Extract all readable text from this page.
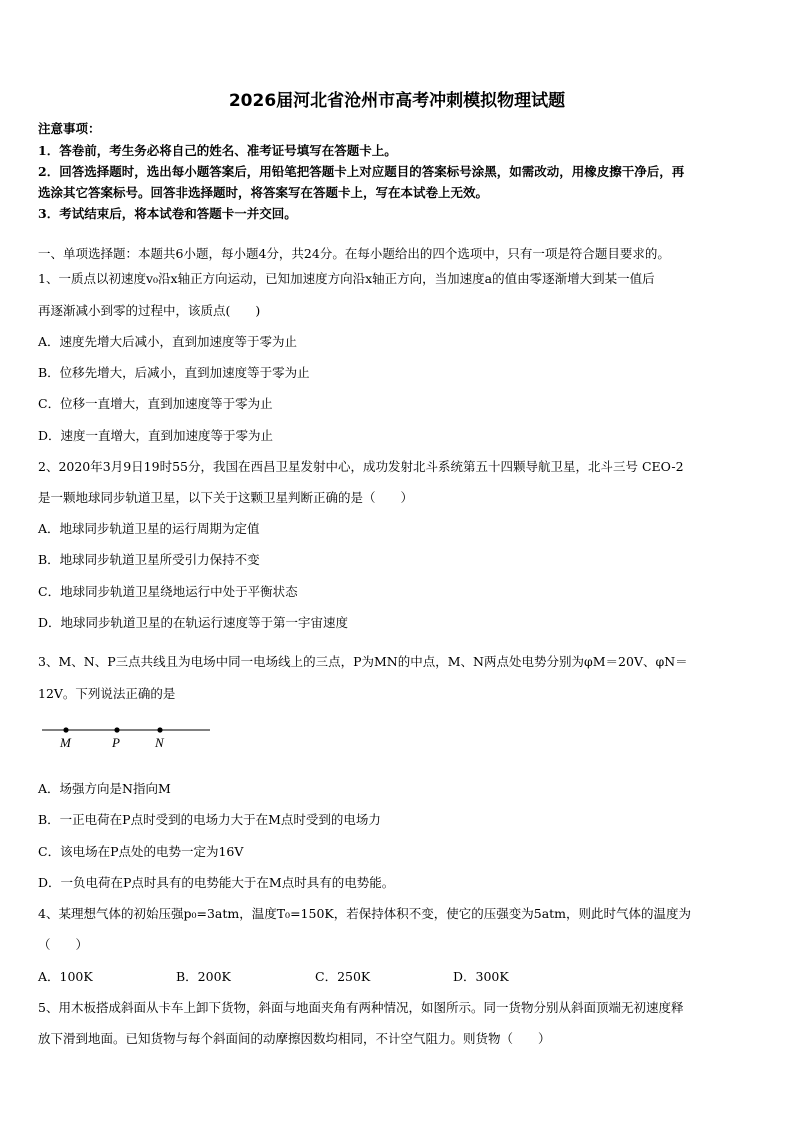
2026届河北省沧州市高考冲刺模拟物理试题
注意事项：
1．答卷前，考生务必将自己的姓名、准考证号填写在答题卡上。
2．回答选择题时，选出每小题答案后，用铅笔把答题卡上对应题目的答案标号涂黑，如需改动，用橡皮擦干净后，再
选涂其它答案标号。回答非选择题时，将答案写在答题卡上，写在本试卷上无效。
3．考试结束后，将本试卷和答题卡一并交回。
一、单项选择题：本题共6小题，每小题4分，共24分。在每小题给出的四个选项中，只有一项是符合题目要求的。
1、一质点以初速度v₀沿x轴正方向运动，已知加速度方向沿x轴正方向，当加速度a的值由零逐渐增大到某一值后
再逐渐减小到零的过程中，该质点(　　)
A．速度先增大后减小，直到加速度等于零为止
B．位移先增大，后减小，直到加速度等于零为止
C．位移一直增大，直到加速度等于零为止
D．速度一直增大，直到加速度等于零为止
2、2020年3月9日19时55分，我国在西昌卫星发射中心，成功发射北斗系统第五十四颗导航卫星，北斗三号 CEO-2
是一颗地球同步轨道卫星，以下关于这颗卫星判断正确的是（　　）
A．地球同步轨道卫星的运行周期为定值
B．地球同步轨道卫星所受引力保持不变
C．地球同步轨道卫星绕地运行中处于平衡状态
D．地球同步轨道卫星的在轨运行速度等于第一宇宙速度
3、M、N、P三点共线且为电场中同一电场线上的三点，P为MN的中点，M、N两点处电势分别为φM＝20V、φN＝
12V。下列说法正确的是
M	P	N
A．场强方向是N指向M
B．一正电荷在P点时受到的电场力大于在M点时受到的电场力
C．该电场在P点处的电势一定为16V
D．一负电荷在P点时具有的电势能大于在M点时具有的电势能。
4、某理想气体的初始压强p₀=3atm，温度T₀=150K，若保持体积不变，使它的压强变为5atm，则此时气体的温度为
（　　）
A．100K	B．200K	C．250K	D．300K
5、用木板搭成斜面从卡车上卸下货物，斜面与地面夹角有两种情况，如图所示。同一货物分别从斜面顶端无初速度释
放下滑到地面。已知货物与每个斜面间的动摩擦因数均相同，不计空气阻力。则货物（　　）
